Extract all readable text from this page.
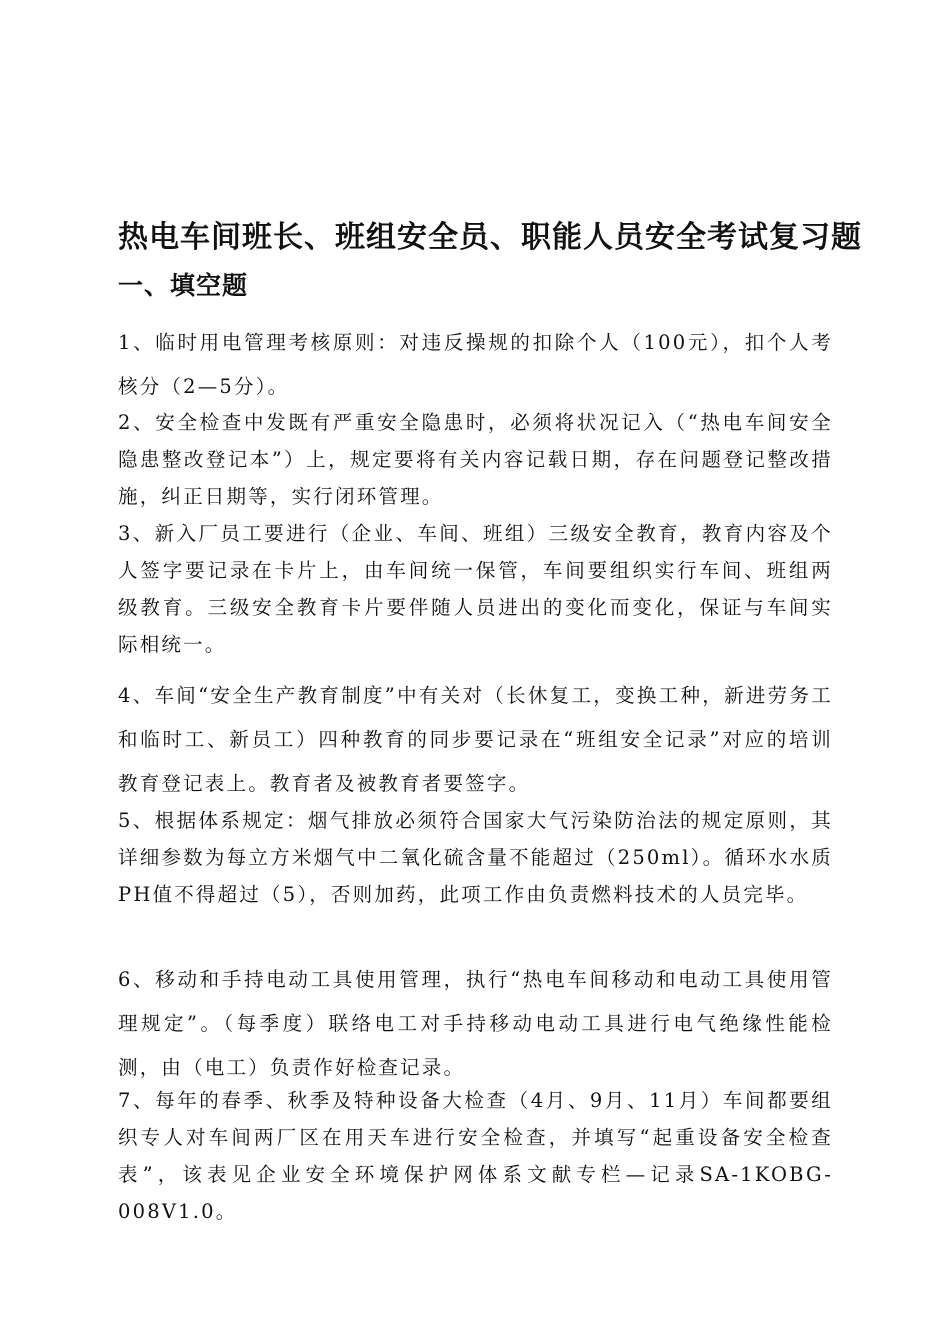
热电车间班长、班组安全员、职能人员安全考试复习题
一、填空题

1、临时用电管理考核原则：对违反操规的扣除个人（100元），扣个人考核分（2—5分）。

2、安全检查中发既有严重安全隐患时，必须将状况记入（“热电车间安全隐患整改登记本”）上，规定要将有关内容记载日期，存在问题登记整改措施，纠正日期等，实行闭环管理。

3、新入厂员工要进行（企业、车间、班组）三级安全教育，教育内容及个人签字要记录在卡片上，由车间统一保管，车间要组织实行车间、班组两级教育。三级安全教育卡片要伴随人员进出的变化而变化，保证与车间实际相统一。

4、车间“安全生产教育制度”中有关对（长休复工，变换工种，新进劳务工和临时工、新员工）四种教育的同步要记录在“班组安全记录”对应的培训教育登记表上。教育者及被教育者要签字。

5、根据体系规定：烟气排放必须符合国家大气污染防治法的规定原则，其详细参数为每立方米烟气中二氧化硫含量不能超过（250ml）。循环水水质PH值不得超过（5），否则加药，此项工作由负责燃料技术的人员完毕。

6、移动和手持电动工具使用管理，执行“热电车间移动和电动工具使用管理规定”。（每季度）联络电工对手持移动电动工具进行电气绝缘性能检测，由（电工）负责作好检查记录。

7、每年的春季、秋季及特种设备大检查（4月、9月、11月）车间都要组织专人对车间两厂区在用天车进行安全检查，并填写“起重设备安全检查表”，该表见企业安全环境保护网体系文献专栏—记录SA-1KOBG-008V1.0。
